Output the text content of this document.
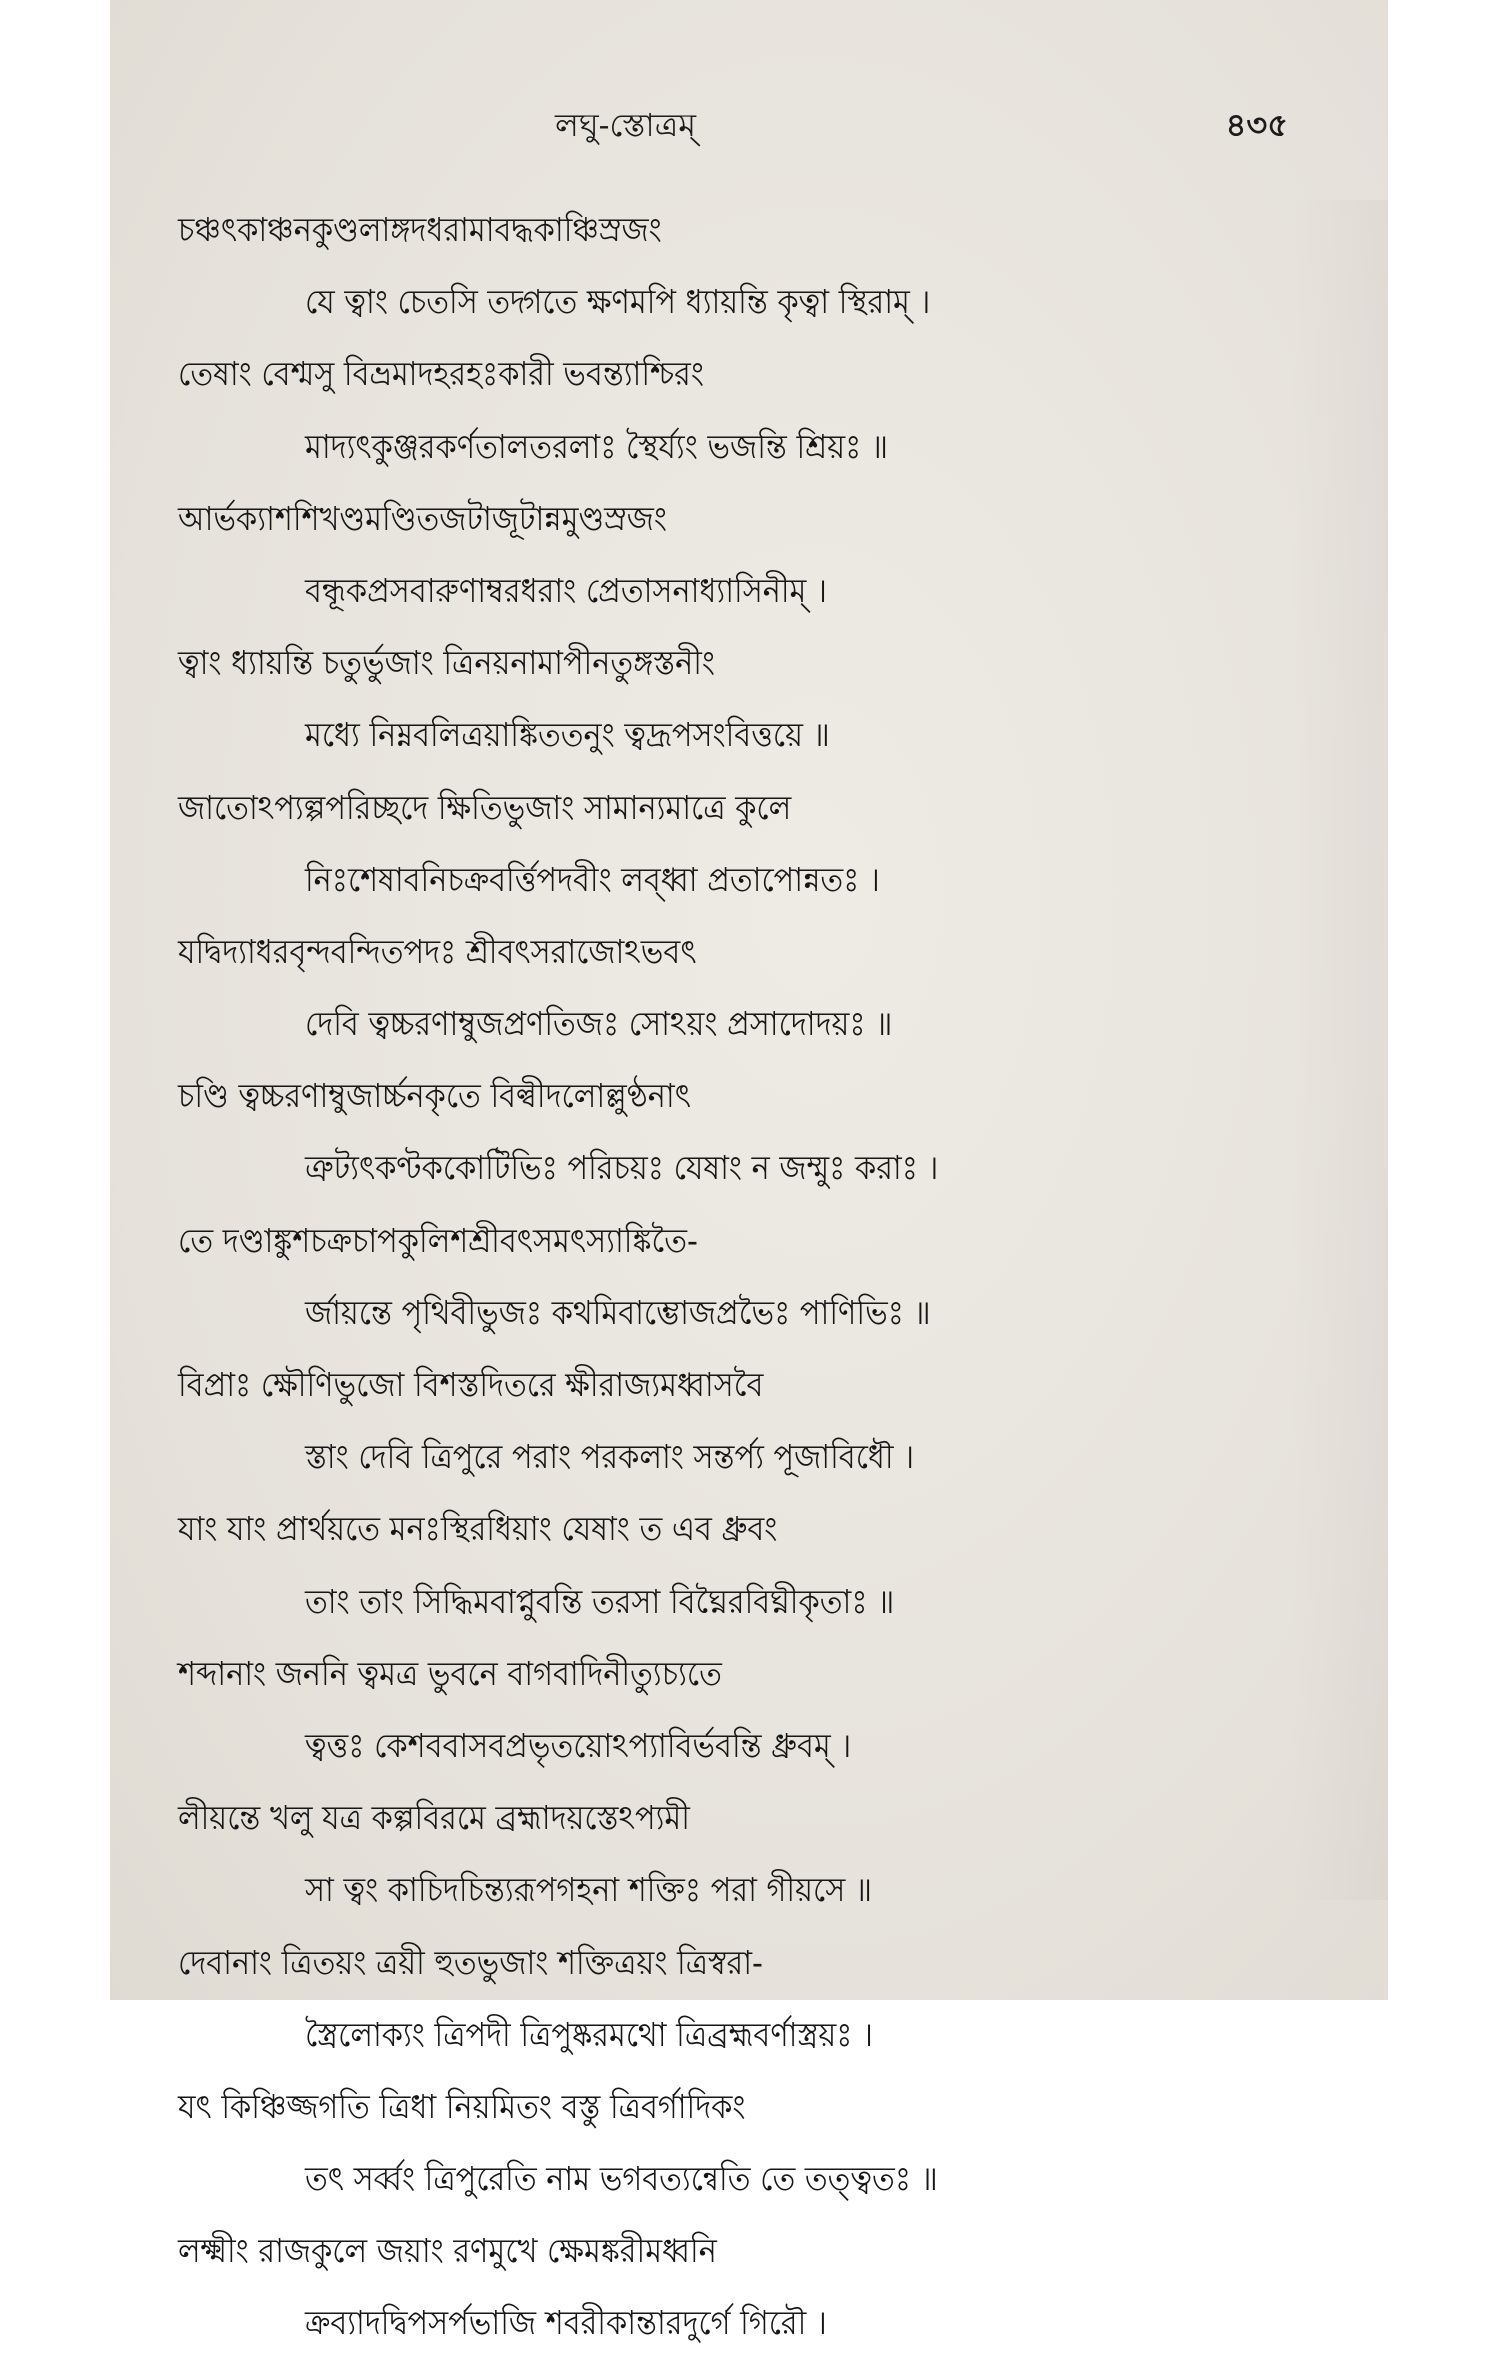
লঘু-স্তোত্রম্	৪৩৫
চঞ্চৎকাঞ্চনকুণ্ডলাঙ্গদধরামাবদ্ধকাঞ্চিস্রজং
যে ত্বাং চেতসি তদ্গতে ক্ষণমপি ধ্যায়ন্তি কৃত্বা স্থিরাম্ ।
তেষাং বেশ্মসু বিভ্রমাদহরহঃকারী ভবন্ত্যাশ্চিরং
মাদ্যৎকুঞ্জরকর্ণতালতরলাঃ স্থৈর্য্যং ভজন্তি শ্রিয়ঃ ॥
আর্ভক্যাশশিখণ্ডমণ্ডিতজটাজূটান্নমুণ্ডস্রজং
বন্ধূকপ্রসবারুণাম্বরধরাং প্রেতাসনাধ্যাসিনীম্ ।
ত্বাং ধ্যায়ন্তি চতুর্ভুজাং ত্রিনয়নামাপীনতুঙ্গস্তনীং
মধ্যে নিম্নবলিত্রয়াঙ্কিততনুং ত্বদ্রূপসংবিত্তয়ে ॥
জাতোঽপ্যল্পপরিচ্ছদে ক্ষিতিভুজাং সামান্যমাত্রে কুলে
নিঃশেষাবনিচক্রবর্ত্তিপদবীং লব্ধ্বা প্রতাপোন্নতঃ ।
যদ্বিদ্যাধরবৃন্দবন্দিতপদঃ শ্রীবৎসরাজোঽভবৎ
দেবি ত্বচ্চরণাম্বুজপ্রণতিজঃ সোঽয়ং প্রসাদোদয়ঃ ॥
চণ্ডি ত্বচ্চরণাম্বুজার্চ্চনকৃতে বিল্বীদলোল্লুণ্ঠনাৎ
ত্রুট্যৎকণ্টককোটিভিঃ পরিচয়ঃ যেষাং ন জম্মুঃ করাঃ ।
তে দণ্ডাঙ্কুশচক্রচাপকুলিশশ্রীবৎসমৎস্যাঙ্কিতৈ-
র্জায়ন্তে পৃথিবীভুজঃ কথমিবাম্ভোজপ্রভৈঃ পাণিভিঃ ॥
বিপ্রাঃ ক্ষৌণিভুজো বিশস্তদিতরে ক্ষীরাজ্যমধ্বাসবৈ
স্তাং দেবি ত্রিপুরে পরাং পরকলাং সন্তর্প্য পূজাবিধৌ ।
যাং যাং প্রার্থয়তে মনঃস্থিরধিয়াং যেষাং ত এব ধ্রুবং
তাং তাং সিদ্ধিমবাপ্নুবন্তি তরসা বিঘ্নৈরবিঘ্নীকৃতাঃ ॥
শব্দানাং জননি ত্বমত্র ভুবনে বাগবাদিনীত্যুচ্যতে
ত্বত্তঃ কেশববাসবপ্রভৃতয়োঽপ্যাবির্ভবন্তি ধ্রুবম্ ।
লীয়ন্তে খলু যত্র কল্পবিরমে ব্রহ্মাদয়স্তেঽপ্যমী
সা ত্বং কাচিদচিন্ত্যরূপগহনা শক্তিঃ পরা গীয়সে ॥
দেবানাং ত্রিতয়ং ত্রয়ী হুতভুজাং শক্তিত্রয়ং ত্রিস্বরা-
স্ত্রৈলোক্যং ত্রিপদী ত্রিপুষ্করমথো ত্রিব্রহ্মবর্ণাস্ত্রয়ঃ ।
যৎ কিঞ্চিজ্জগতি ত্রিধা নিয়মিতং বস্তু ত্রিবর্গাদিকং
তৎ সর্ব্বং ত্রিপুরেতি নাম ভগবত্যন্বেতি তে তত্ত্বতঃ ॥
লক্ষ্মীং রাজকুলে জয়াং রণমুখে ক্ষেমঙ্করীমধ্বনি
ক্রব্যাদদ্বিপসর্পভাজি শবরীকান্তারদুর্গে গিরৌ ।
